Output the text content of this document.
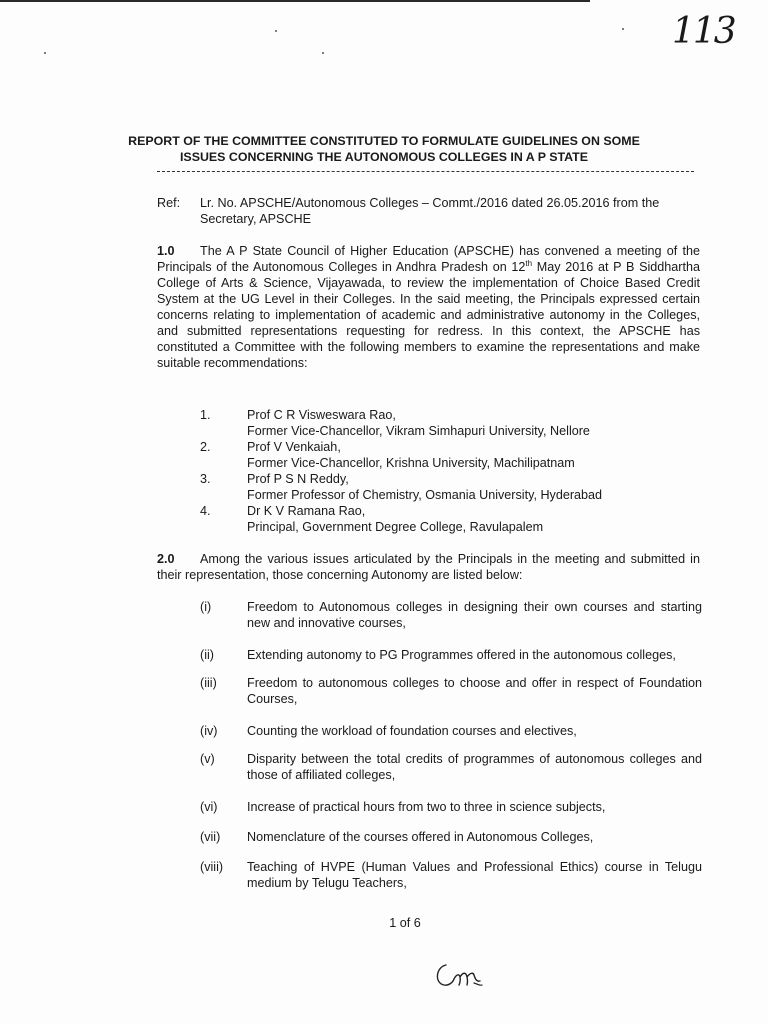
113
REPORT OF THE COMMITTEE CONSTITUTED TO FORMULATE GUIDELINES ON SOME
ISSUES CONCERNING THE AUTONOMOUS COLLEGES IN A P STATE
Ref: Lr. No. APSCHE/Autonomous Colleges – Commt./2016 dated 26.05.2016 from the
Secretary, APSCHE
1.0 The A P State Council of Higher Education (APSCHE) has convened a meeting of the Principals of the Autonomous Colleges in Andhra Pradesh on 12th May 2016 at P B Siddhartha College of Arts & Science, Vijayawada, to review the implementation of Choice Based Credit System at the UG Level in their Colleges. In the said meeting, the Principals expressed certain concerns relating to implementation of academic and administrative autonomy in the Colleges, and submitted representations requesting for redress. In this context, the APSCHE has constituted a Committee with the following members to examine the representations and make suitable recommendations:
1.	Prof C R Visweswara Rao,
Former Vice-Chancellor, Vikram Simhapuri University, Nellore
2.	Prof V Venkaiah,
Former Vice-Chancellor, Krishna University, Machilipatnam
3.	Prof P S N Reddy,
Former Professor of Chemistry, Osmania University, Hyderabad
4.	Dr K V Ramana Rao,
Principal, Government Degree College, Ravulapalem
2.0 Among the various issues articulated by the Principals in the meeting and submitted in their representation, those concerning Autonomy are listed below:
(i)	Freedom to Autonomous colleges in designing their own courses and starting new and innovative courses,
(ii)	Extending autonomy to PG Programmes offered in the autonomous colleges,
(iii) Freedom to autonomous colleges to choose and offer in respect of Foundation Courses,
(iv) Counting the workload of foundation courses and electives,
(v)	Disparity between the total credits of programmes of autonomous colleges and those of affiliated colleges,
(vi) Increase of practical hours from two to three in science subjects,
(vii) Nomenclature of the courses offered in Autonomous Colleges,
(viii) Teaching of HVPE (Human Values and Professional Ethics) course in Telugu medium by Telugu Teachers,
1 of 6
